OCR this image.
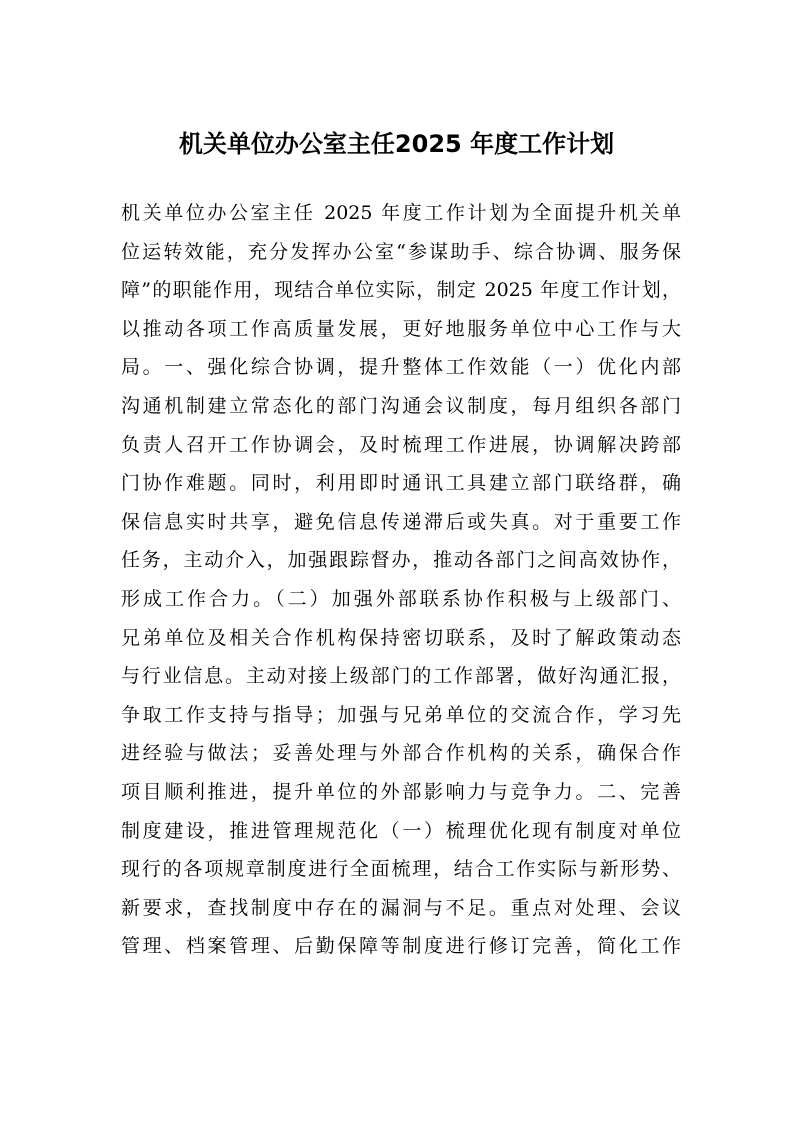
机关单位办公室主任2025 年度工作计划
机关单位办公室主任 2025 年度工作计划为全面提升机关单
位运转效能，充分发挥办公室“参谋助手、综合协调、服务保
障”的职能作用，现结合单位实际，制定 2025 年度工作计划，
以推动各项工作高质量发展，更好地服务单位中心工作与大
局。一、强化综合协调，提升整体工作效能（一）优化内部
沟通机制建立常态化的部门沟通会议制度，每月组织各部门
负责人召开工作协调会，及时梳理工作进展，协调解决跨部
门协作难题。同时，利用即时通讯工具建立部门联络群，确
保信息实时共享，避免信息传递滞后或失真。对于重要工作
任务，主动介入，加强跟踪督办，推动各部门之间高效协作，
形成工作合力。（二）加强外部联系协作积极与上级部门、
兄弟单位及相关合作机构保持密切联系，及时了解政策动态
与行业信息。主动对接上级部门的工作部署，做好沟通汇报，
争取工作支持与指导；加强与兄弟单位的交流合作，学习先
进经验与做法；妥善处理与外部合作机构的关系，确保合作
项目顺利推进，提升单位的外部影响力与竞争力。二、完善
制度建设，推进管理规范化（一）梳理优化现有制度对单位
现行的各项规章制度进行全面梳理，结合工作实际与新形势、
新要求，查找制度中存在的漏洞与不足。重点对处理、会议
管理、档案管理、后勤保障等制度进行修订完善，简化工作
